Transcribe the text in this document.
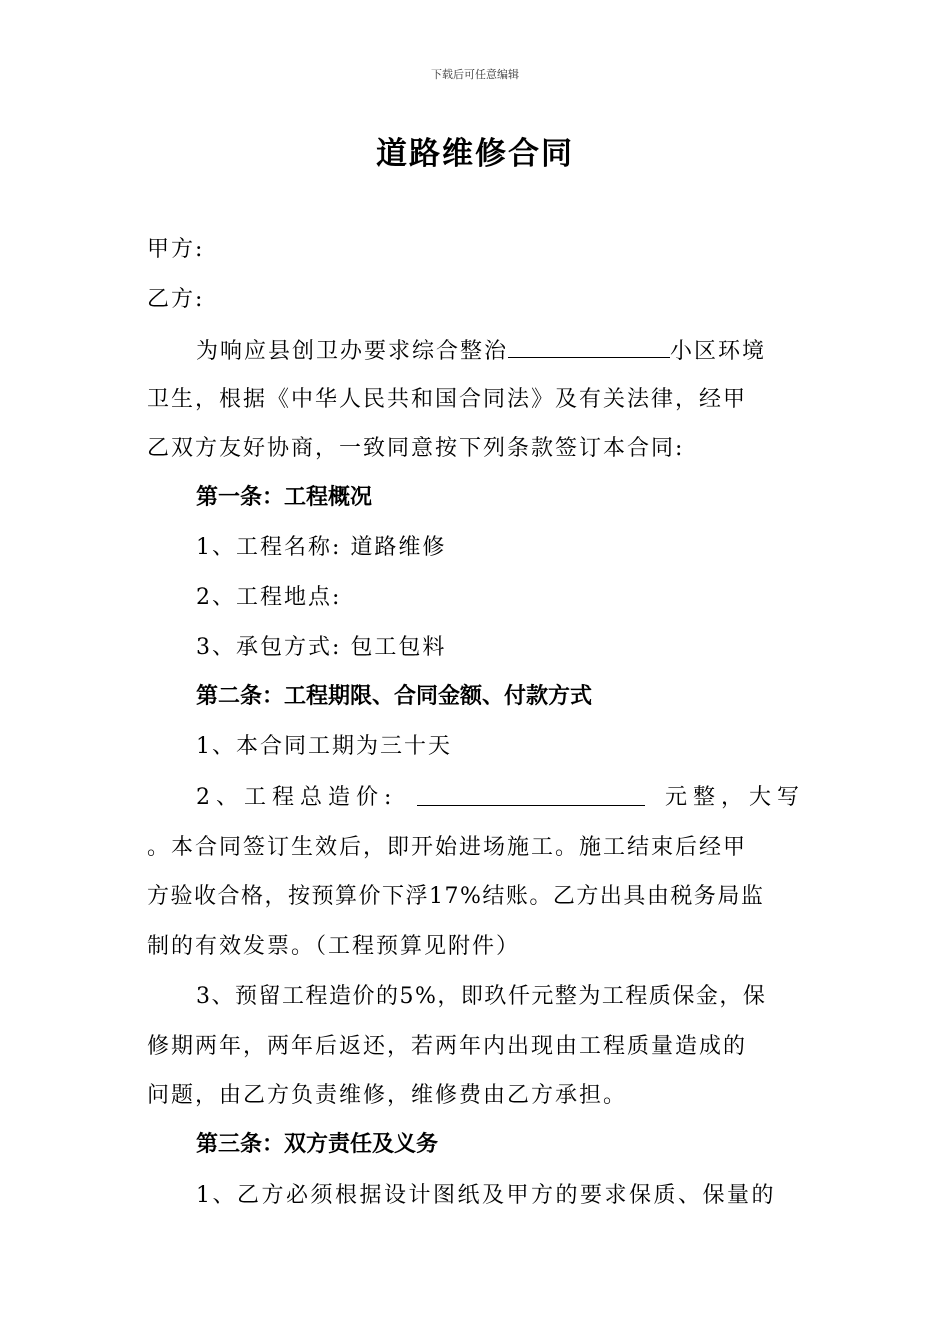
下载后可任意编辑
道路维修合同
甲方:
乙方:
为响应县创卫办要求综合整治	小区环境
卫生，根据《中华人民共和国合同法》及有关法律，经甲
乙双方友好协商，一致同意按下列条款签订本合同:
第一条：工程概况
1、工程名称: 道路维修
2、工程地点:
3、承包方式: 包工包料
第二条：工程期限、合同金额、付款方式
1、本合同工期为三十天
2、工程总造价:	元整，大写
。本合同签订生效后，即开始进场施工。施工结束后经甲
方验收合格，按预算价下浮17%结账。乙方出具由税务局监
制的有效发票。（工程预算见附件）
3、预留工程造价的5%，即玖仟元整为工程质保金，保
修期两年，两年后返还，若两年内出现由工程质量造成的
问题，由乙方负责维修，维修费由乙方承担。
第三条：双方责任及义务
1、乙方必须根据设计图纸及甲方的要求保质、保量的
